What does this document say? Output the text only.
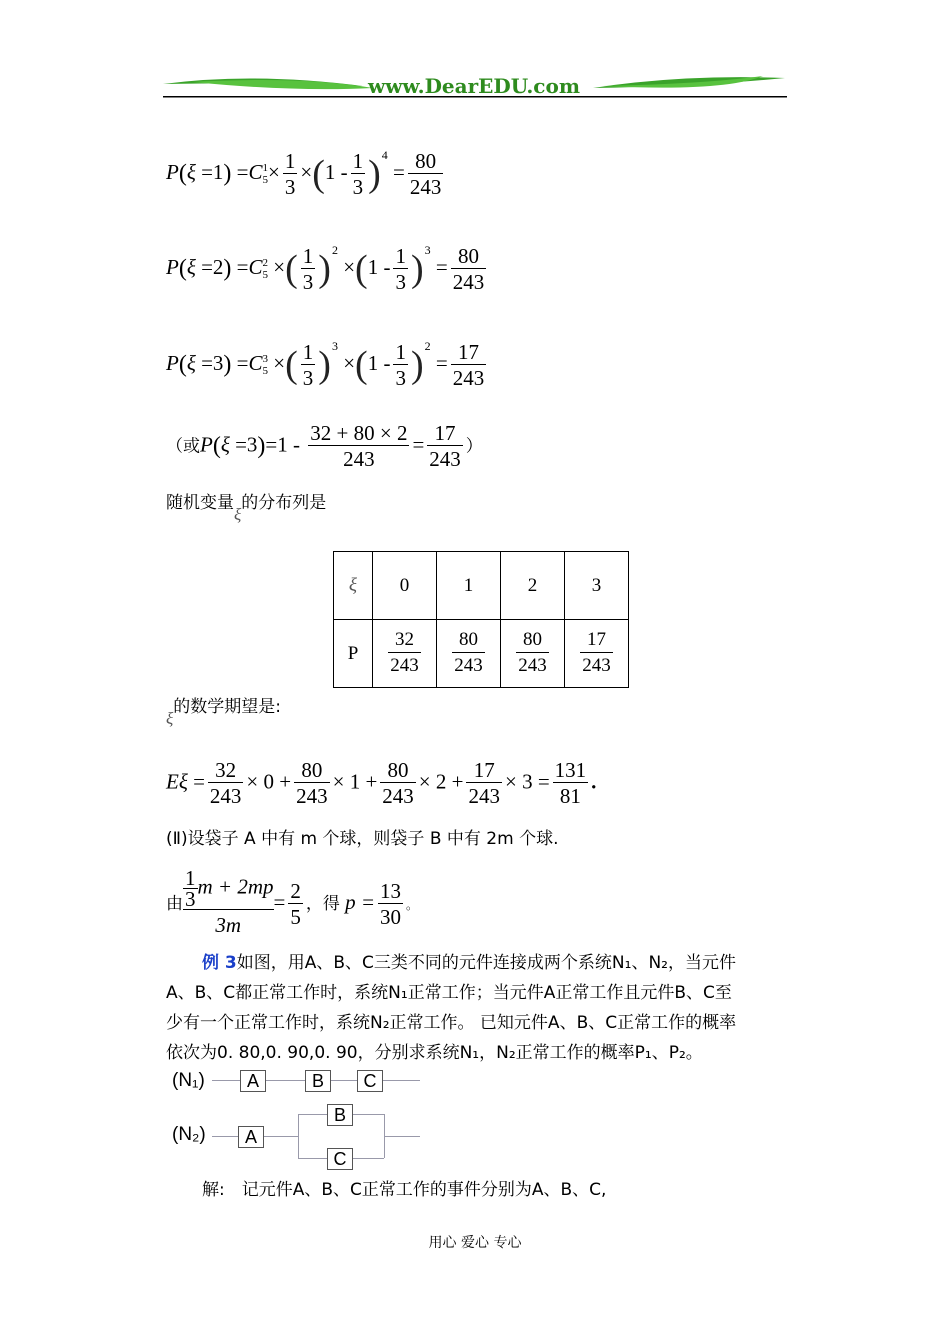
www.DearEDU.com
P(ξ =1) =C 1
$5 \times \frac{1}{3} \times(1 - \frac{1}{3} )^4 = \frac{80}{243}$
P(ξ =2) =C 2
5 ×( $\frac{1}{3} )^2 \times(1 - \frac{1}{3} )^3 = \frac{80}{243}$
P(ξ =3) =C 3
5 ×( $\frac{1}{3} )^3 \times(1 - \frac{1}{3} )^2 = \frac{17}{243}$
（或$P(\xi =3)=1 - \frac{32 + 80 \times 2}{243} = \frac{17}{243}$ ）
随机变量ξ的分布列是
ξ	0	1	2	3
P	$\frac{32}{243}$	$\frac{80}{243}$	$\frac{80}{243}$	$\frac{17}{243}$
ξ的数学期望是:
$E\xi = \frac{32}{243} \times 0 + \frac{80}{243} \times 1 + \frac{80}{243} \times 2 + \frac{17}{243} \times 3 = \frac{131}{81}$ .
(Ⅱ)设袋子 A 中有 m 个球，则袋子 B 中有 2m 个球.
由 $\frac{\frac{1}{3} m + 2mp}{3m} = \frac{2}{5}$ ，得 $p = \frac{13}{30}$ 。
例 3如图，用A、B、C三类不同的元件连接成两个系统N₁、N₂，当元件
A、B、C都正常工作时，系统N₁正常工作；当元件A正常工作且元件B、C至
少有一个正常工作时，系统N₂正常工作。 已知元件A、B、C正常工作的概率
依次为0. 80,0. 90,0. 90，分别求系统N₁，N₂正常工作的概率P₁、P₂。
(N₁)	A	B	C
(N₂)	A
B
C
解:　记元件A、B、C正常工作的事件分别为A、B、C,
用心 爱心 专心
